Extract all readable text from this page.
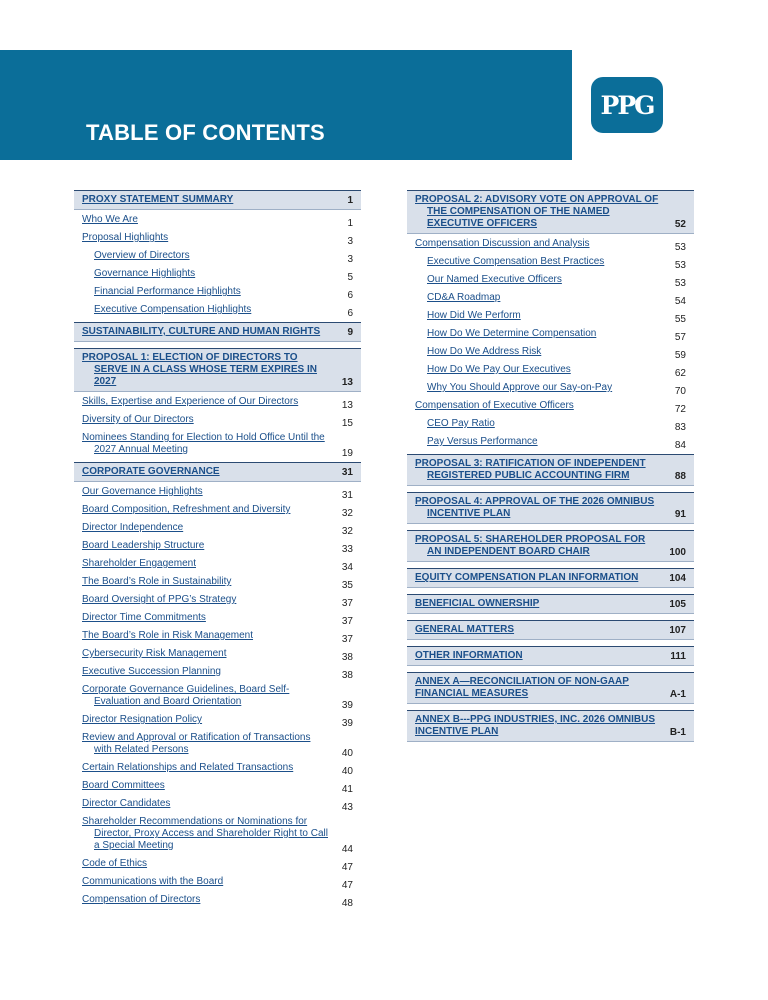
TABLE OF CONTENTS
PPG
PROXY STATEMENT SUMMARY	1
Who We Are	1
Proposal Highlights	3
Overview of Directors	3
Governance Highlights	5
Financial Performance Highlights	6
Executive Compensation Highlights	6
SUSTAINABILITY, CULTURE AND HUMAN RIGHTS	9
PROPOSAL 1: ELECTION OF DIRECTORS TO
SERVE IN A CLASS WHOSE TERM EXPIRES IN
2027	13
Skills, Expertise and Experience of Our Directors	13
Diversity of Our Directors	15
Nominees Standing for Election to Hold Office Until the
2027 Annual Meeting	19
CORPORATE GOVERNANCE	31
Our Governance Highlights	31
Board Composition, Refreshment and Diversity	32
Director Independence	32
Board Leadership Structure	33
Shareholder Engagement	34
The Board’s Role in Sustainability	35
Board Oversight of PPG’s Strategy	37
Director Time Commitments	37
The Board’s Role in Risk Management	37
Cybersecurity Risk Management	38
Executive Succession Planning	38
Corporate Governance Guidelines, Board Self-
Evaluation and Board Orientation	39
Director Resignation Policy	39
Review and Approval or Ratification of Transactions
with Related Persons	40
Certain Relationships and Related Transactions	40
Board Committees	41
Director Candidates	43
Shareholder Recommendations or Nominations for
Director, Proxy Access and Shareholder Right to Call
a Special Meeting	44
Code of Ethics	47
Communications with the Board	47
Compensation of Directors	48
PROPOSAL 2: ADVISORY VOTE ON APPROVAL OF
THE COMPENSATION OF THE NAMED
EXECUTIVE OFFICERS	52
Compensation Discussion and Analysis	53
Executive Compensation Best Practices	53
Our Named Executive Officers	53
CD&A Roadmap	54
How Did We Perform	55
How Do We Determine Compensation	57
How Do We Address Risk	59
How Do We Pay Our Executives	62
Why You Should Approve our Say-on-Pay	70
Compensation of Executive Officers	72
CEO Pay Ratio	83
Pay Versus Performance	84
PROPOSAL 3: RATIFICATION OF INDEPENDENT
REGISTERED PUBLIC ACCOUNTING FIRM	88
PROPOSAL 4: APPROVAL OF THE 2026 OMNIBUS
INCENTIVE PLAN	91
PROPOSAL 5: SHAREHOLDER PROPOSAL FOR
AN INDEPENDENT BOARD CHAIR	100
EQUITY COMPENSATION PLAN INFORMATION	104
BENEFICIAL OWNERSHIP	105
GENERAL MATTERS	107
OTHER INFORMATION	111
ANNEX A—RECONCILIATION OF NON-GAAP
FINANCIAL MEASURES	A-1
ANNEX B---PPG INDUSTRIES, INC. 2026 OMNIBUS
INCENTIVE PLAN	B-1
